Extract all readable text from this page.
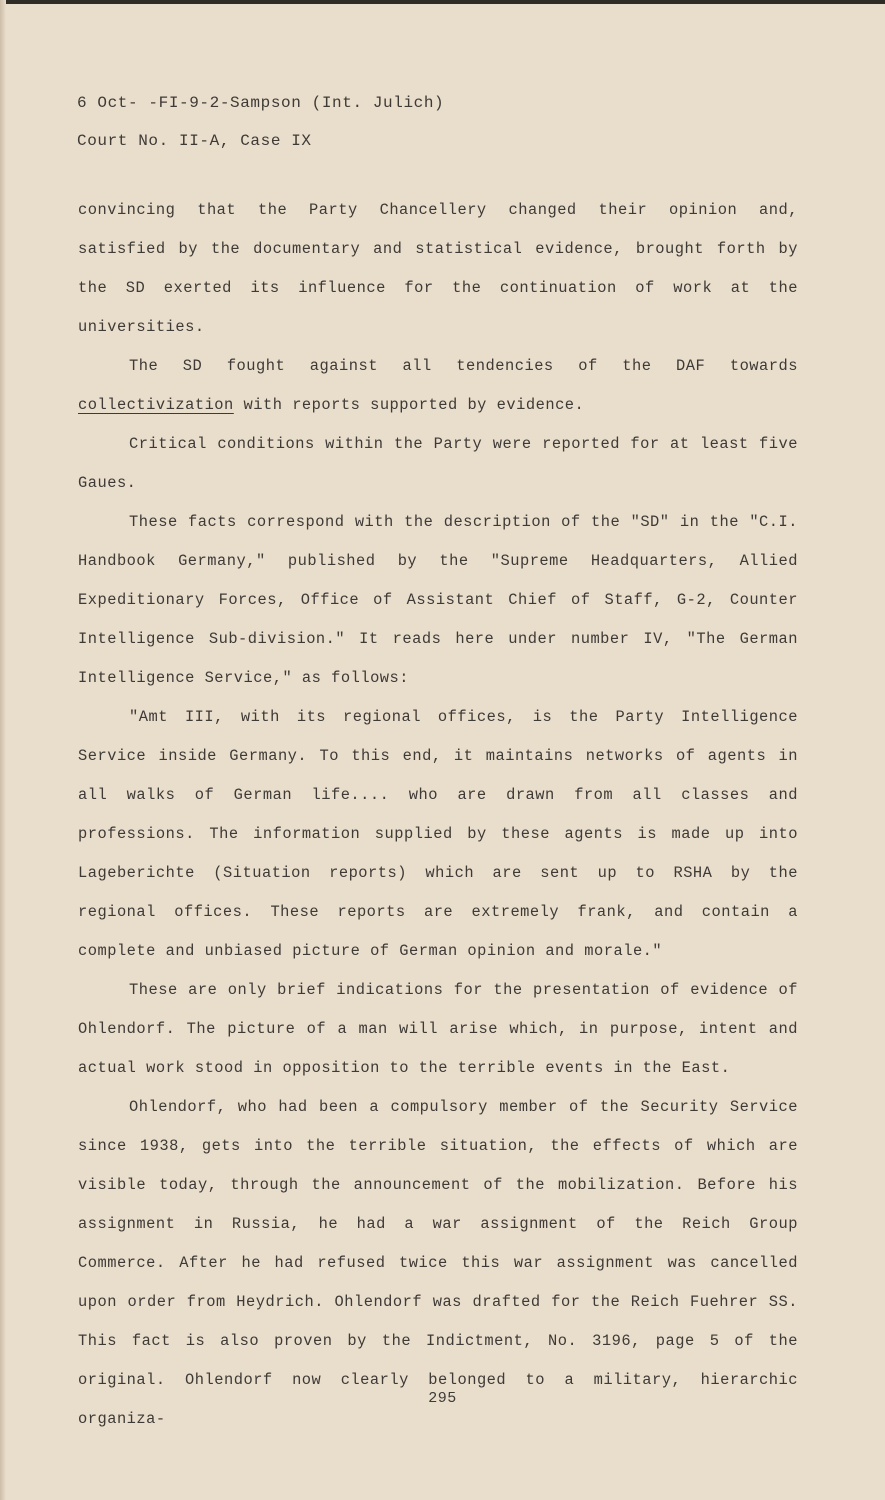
6 Oct- -FI-9-2-Sampson (Int. Julich)
Court No. II-A, Case IX

convincing that the Party Chancellery changed their opinion and, satisfied by the documentary and statistical evidence, brought forth by the SD exerted its influence for the continuation of work at the universities.

The SD fought against all tendencies of the DAF towards collectivization with reports supported by evidence.

Critical conditions within the Party were reported for at least five Gaues.

These facts correspond with the description of the "SD" in the "C.I. Handbook Germany," published by the "Supreme Headquarters, Allied Expeditionary Forces, Office of Assistant Chief of Staff, G-2, Counter Intelligence Sub-division." It reads here under number IV, "The German Intelligence Service," as follows:

"Amt III, with its regional offices, is the Party Intelligence Service inside Germany. To this end, it maintains networks of agents in all walks of German life.... who are drawn from all classes and professions. The information supplied by these agents is made up into Lageberichte (Situation reports) which are sent up to RSHA by the regional offices. These reports are extremely frank, and contain a complete and unbiased picture of German opinion and morale."

These are only brief indications for the presentation of evidence of Ohlendorf. The picture of a man will arise which, in purpose, intent and actual work stood in opposition to the terrible events in the East.

Ohlendorf, who had been a compulsory member of the Security Service since 1938, gets into the terrible situation, the effects of which are visible today, through the announcement of the mobilization. Before his assignment in Russia, he had a war assignment of the Reich Group Commerce. After he had refused twice this war assignment was cancelled upon order from Heydrich. Ohlendorf was drafted for the Reich Fuehrer SS. This fact is also proven by the Indictment, No. 3196, page 5 of the original. Ohlendorf now clearly belonged to a military, hierarchic organiza-

295
